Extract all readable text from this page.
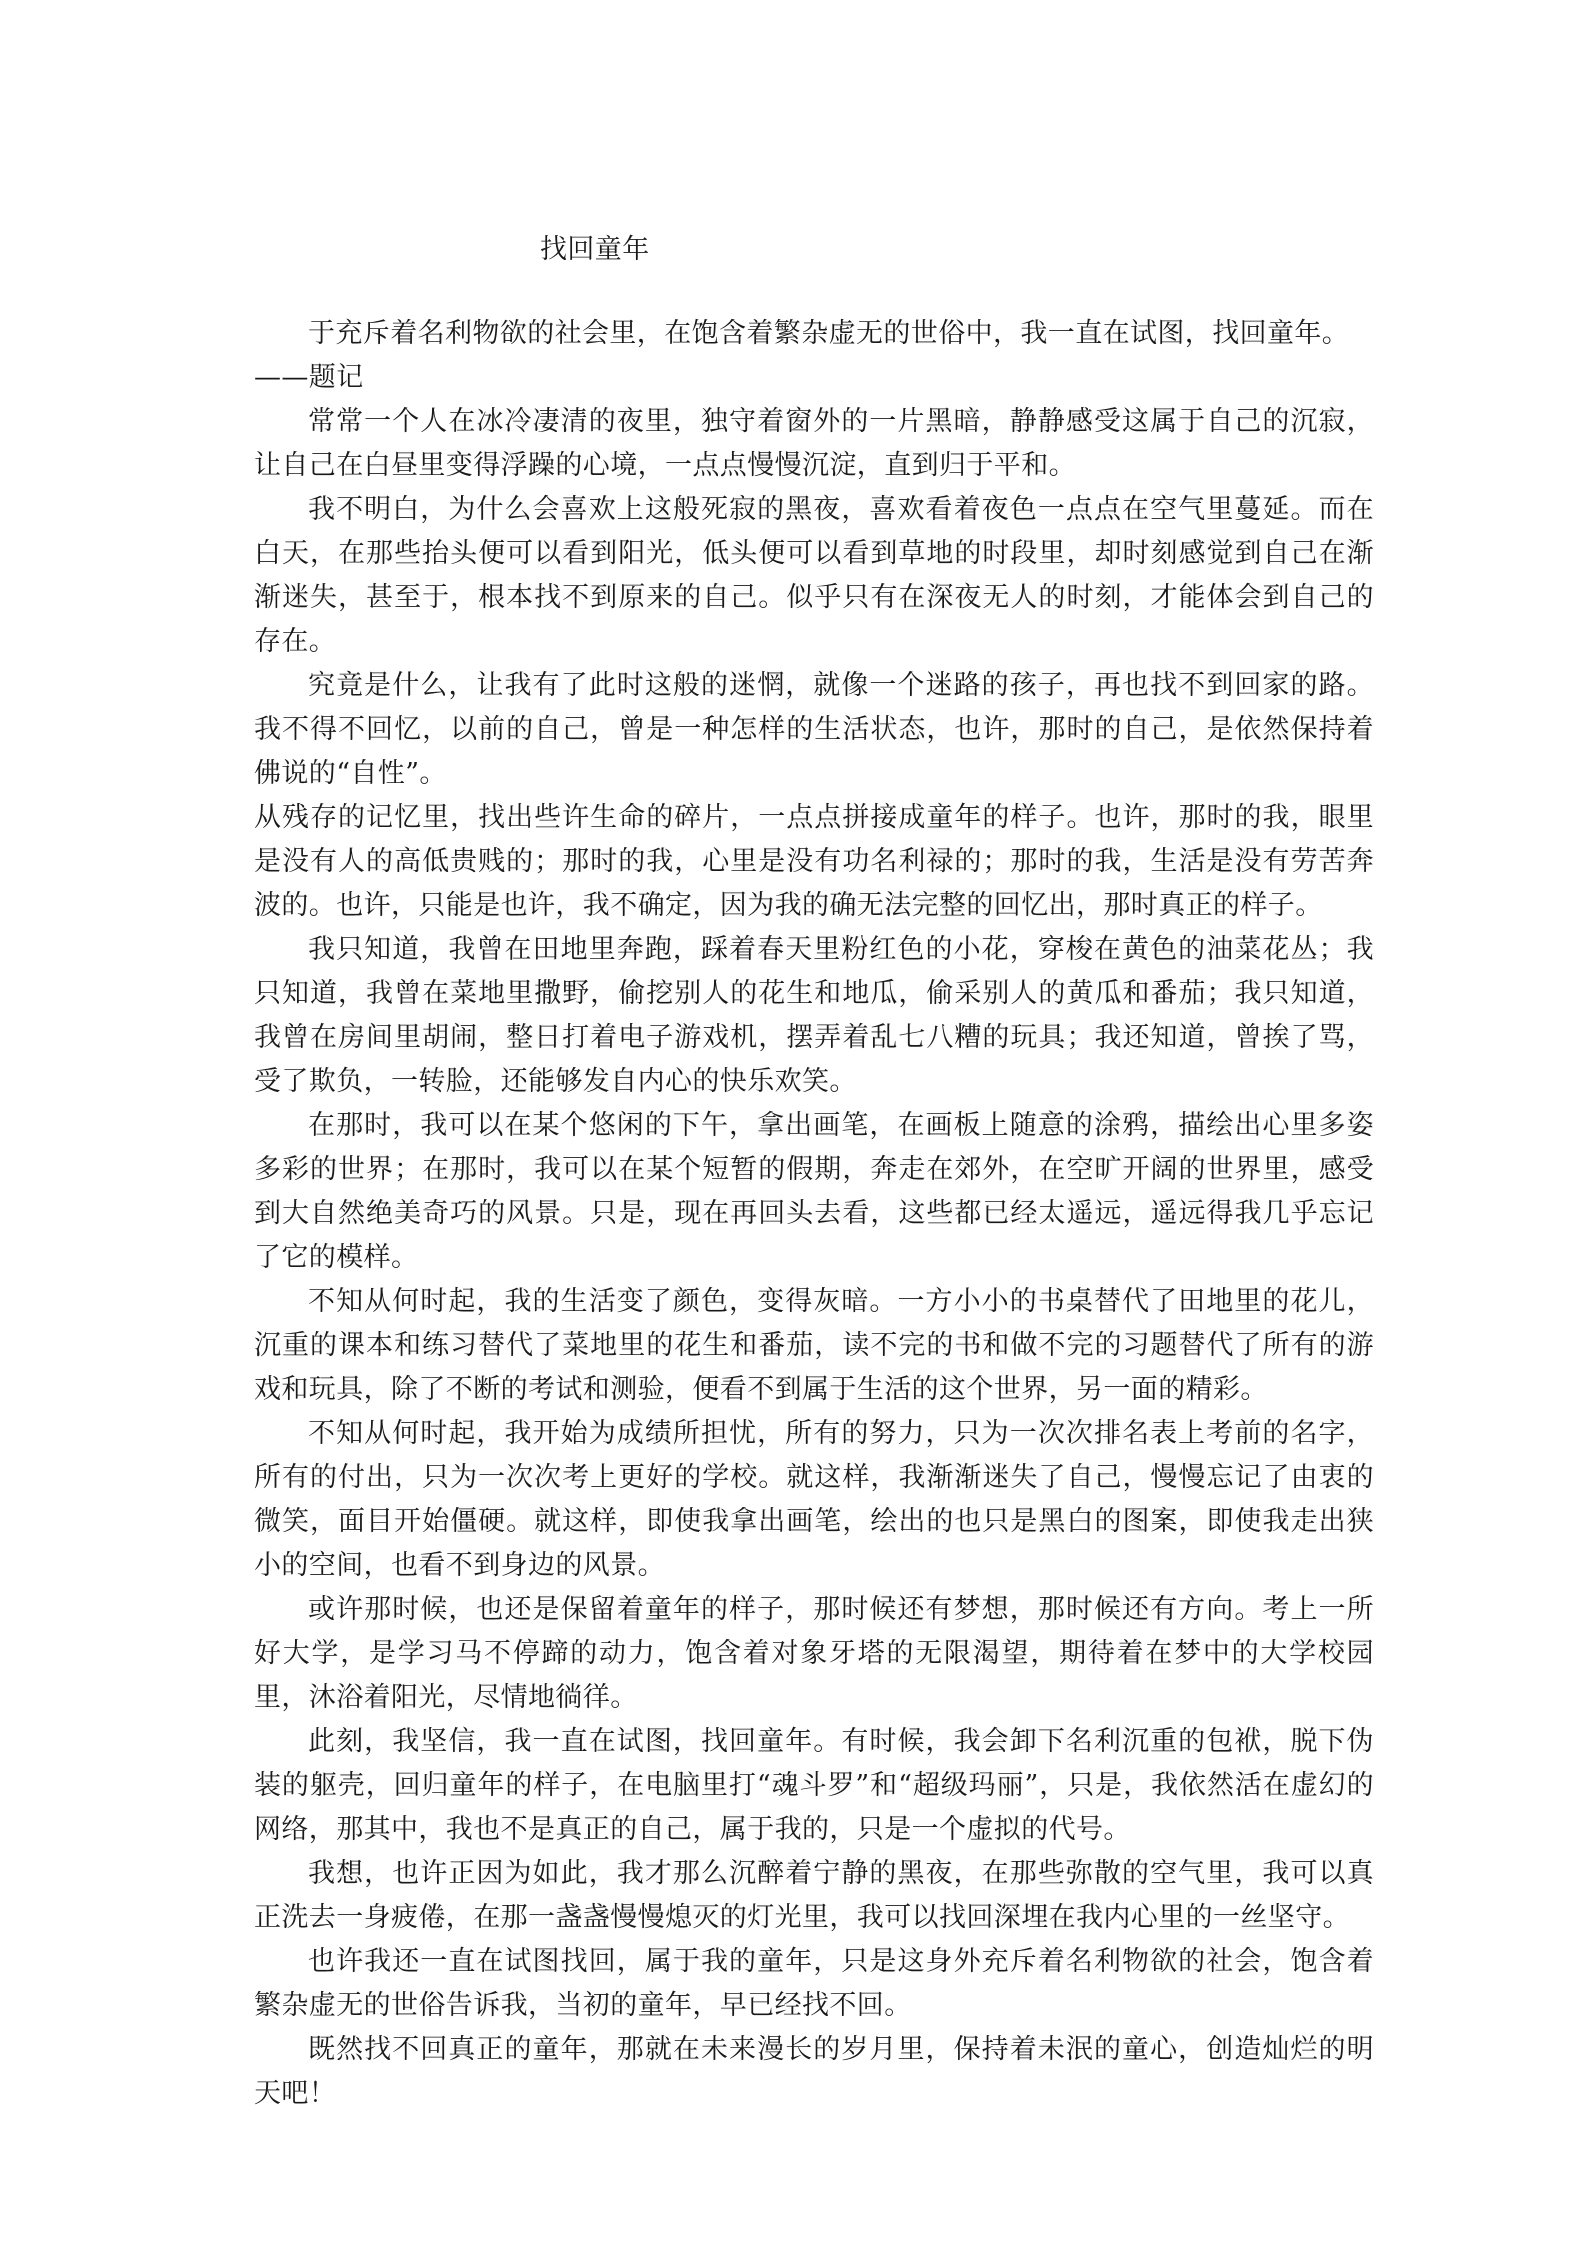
找回童年

于充斥着名利物欲的社会里，在饱含着繁杂虚无的世俗中，我一直在试图，找回童年。

——题记

常常一个人在冰冷凄清的夜里，独守着窗外的一片黑暗，静静感受这属于自己的沉寂，让自己在白昼里变得浮躁的心境，一点点慢慢沉淀，直到归于平和。

我不明白，为什么会喜欢上这般死寂的黑夜，喜欢看着夜色一点点在空气里蔓延。而在白天，在那些抬头便可以看到阳光，低头便可以看到草地的时段里，却时刻感觉到自己在渐渐迷失，甚至于，根本找不到原来的自己。似乎只有在深夜无人的时刻，才能体会到自己的存在。

究竟是什么，让我有了此时这般的迷惘，就像一个迷路的孩子，再也找不到回家的路。我不得不回忆，以前的自己，曾是一种怎样的生活状态，也许，那时的自己，是依然保持着佛说的“自性”。

从残存的记忆里，找出些许生命的碎片，一点点拼接成童年的样子。也许，那时的我，眼里是没有人的高低贵贱的；那时的我，心里是没有功名利禄的；那时的我，生活是没有劳苦奔波的。也许，只能是也许，我不确定，因为我的确无法完整的回忆出，那时真正的样子。

我只知道，我曾在田地里奔跑，踩着春天里粉红色的小花，穿梭在黄色的油菜花丛；我只知道，我曾在菜地里撒野，偷挖别人的花生和地瓜，偷采别人的黄瓜和番茄；我只知道，我曾在房间里胡闹，整日打着电子游戏机，摆弄着乱七八糟的玩具；我还知道，曾挨了骂，受了欺负，一转脸，还能够发自内心的快乐欢笑。

在那时，我可以在某个悠闲的下午，拿出画笔，在画板上随意的涂鸦，描绘出心里多姿多彩的世界；在那时，我可以在某个短暂的假期，奔走在郊外，在空旷开阔的世界里，感受到大自然绝美奇巧的风景。只是，现在再回头去看，这些都已经太遥远，遥远得我几乎忘记了它的模样。

不知从何时起，我的生活变了颜色，变得灰暗。一方小小的书桌替代了田地里的花儿，沉重的课本和练习替代了菜地里的花生和番茄，读不完的书和做不完的习题替代了所有的游戏和玩具，除了不断的考试和测验，便看不到属于生活的这个世界，另一面的精彩。

不知从何时起，我开始为成绩所担忧，所有的努力，只为一次次排名表上考前的名字，所有的付出，只为一次次考上更好的学校。就这样，我渐渐迷失了自己，慢慢忘记了由衷的微笑，面目开始僵硬。就这样，即使我拿出画笔，绘出的也只是黑白的图案，即使我走出狭小的空间，也看不到身边的风景。

或许那时候，也还是保留着童年的样子，那时候还有梦想，那时候还有方向。考上一所好大学，是学习马不停蹄的动力，饱含着对象牙塔的无限渴望，期待着在梦中的大学校园里，沐浴着阳光，尽情地徜徉。

此刻，我坚信，我一直在试图，找回童年。有时候，我会卸下名利沉重的包袱，脱下伪装的躯壳，回归童年的样子，在电脑里打“魂斗罗”和“超级玛丽”，只是，我依然活在虚幻的网络，那其中，我也不是真正的自己，属于我的，只是一个虚拟的代号。

我想，也许正因为如此，我才那么沉醉着宁静的黑夜，在那些弥散的空气里，我可以真正洗去一身疲倦，在那一盏盏慢慢熄灭的灯光里，我可以找回深埋在我内心里的一丝坚守。

也许我还一直在试图找回，属于我的童年，只是这身外充斥着名利物欲的社会，饱含着繁杂虚无的世俗告诉我，当初的童年，早已经找不回。

既然找不回真正的童年，那就在未来漫长的岁月里，保持着未泯的童心，创造灿烂的明天吧！
